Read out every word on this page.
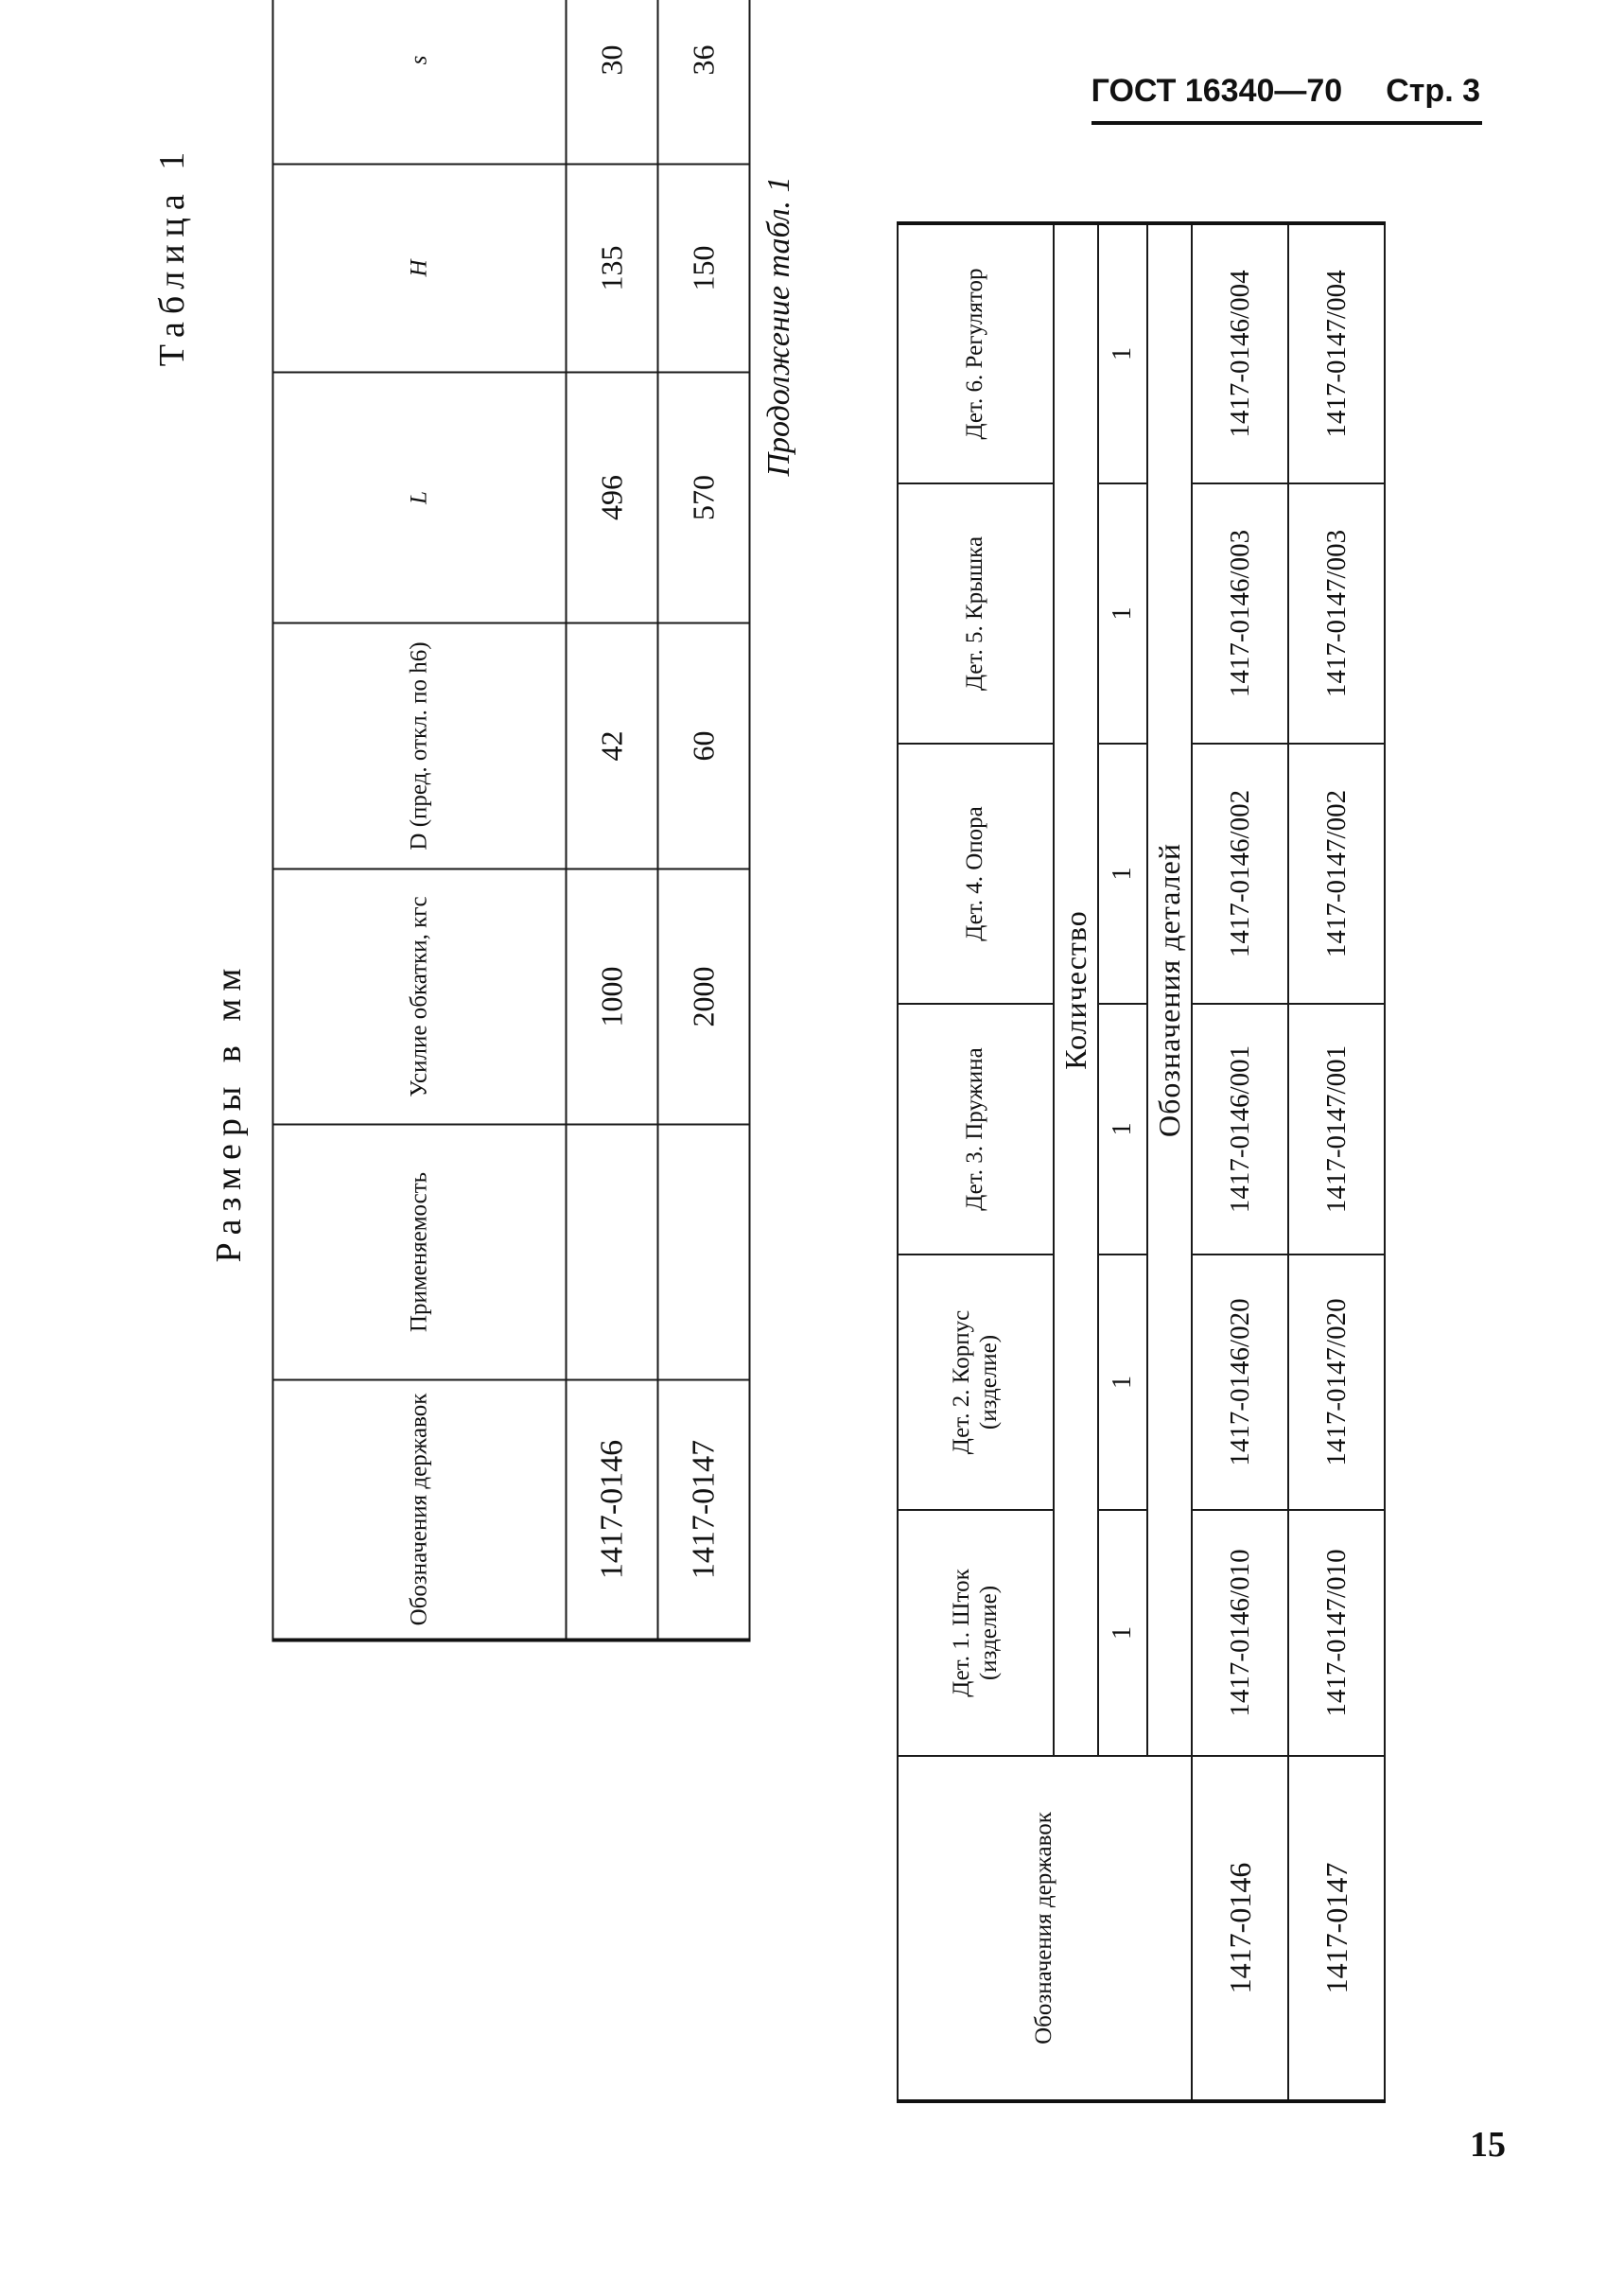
ГОСТ 16340—70 Стр. 3
Таблица 1
Размеры в мм
Продолжение табл. 1
Обозначения державок	Применяемость	Усилие обкатки, кгс	D (пред. откл. по h6)	L	H	s	
1417-0146		1000	42	496	135	30	
1417-0147		2000	60	570	150	36	
Обозначения державок	Дет. 1. Шток (изделие)	Дет. 2. Корпус (изделие)	Дет. 3. Пружина	Дет. 4. Опора	Дет. 5. Крышка	Дет. 6. Регулятор
	Количество					
	1	1	1	1	1	1
	Обозначения деталей					
1417-0146	1417-0146/010	1417-0146/020	1417-0146/001	1417-0146/002	1417-0146/003	1417-0146/004
1417-0147	1417-0147/010	1417-0147/020	1417-0147/001	1417-0147/002	1417-0147/003	1417-0147/004
15
